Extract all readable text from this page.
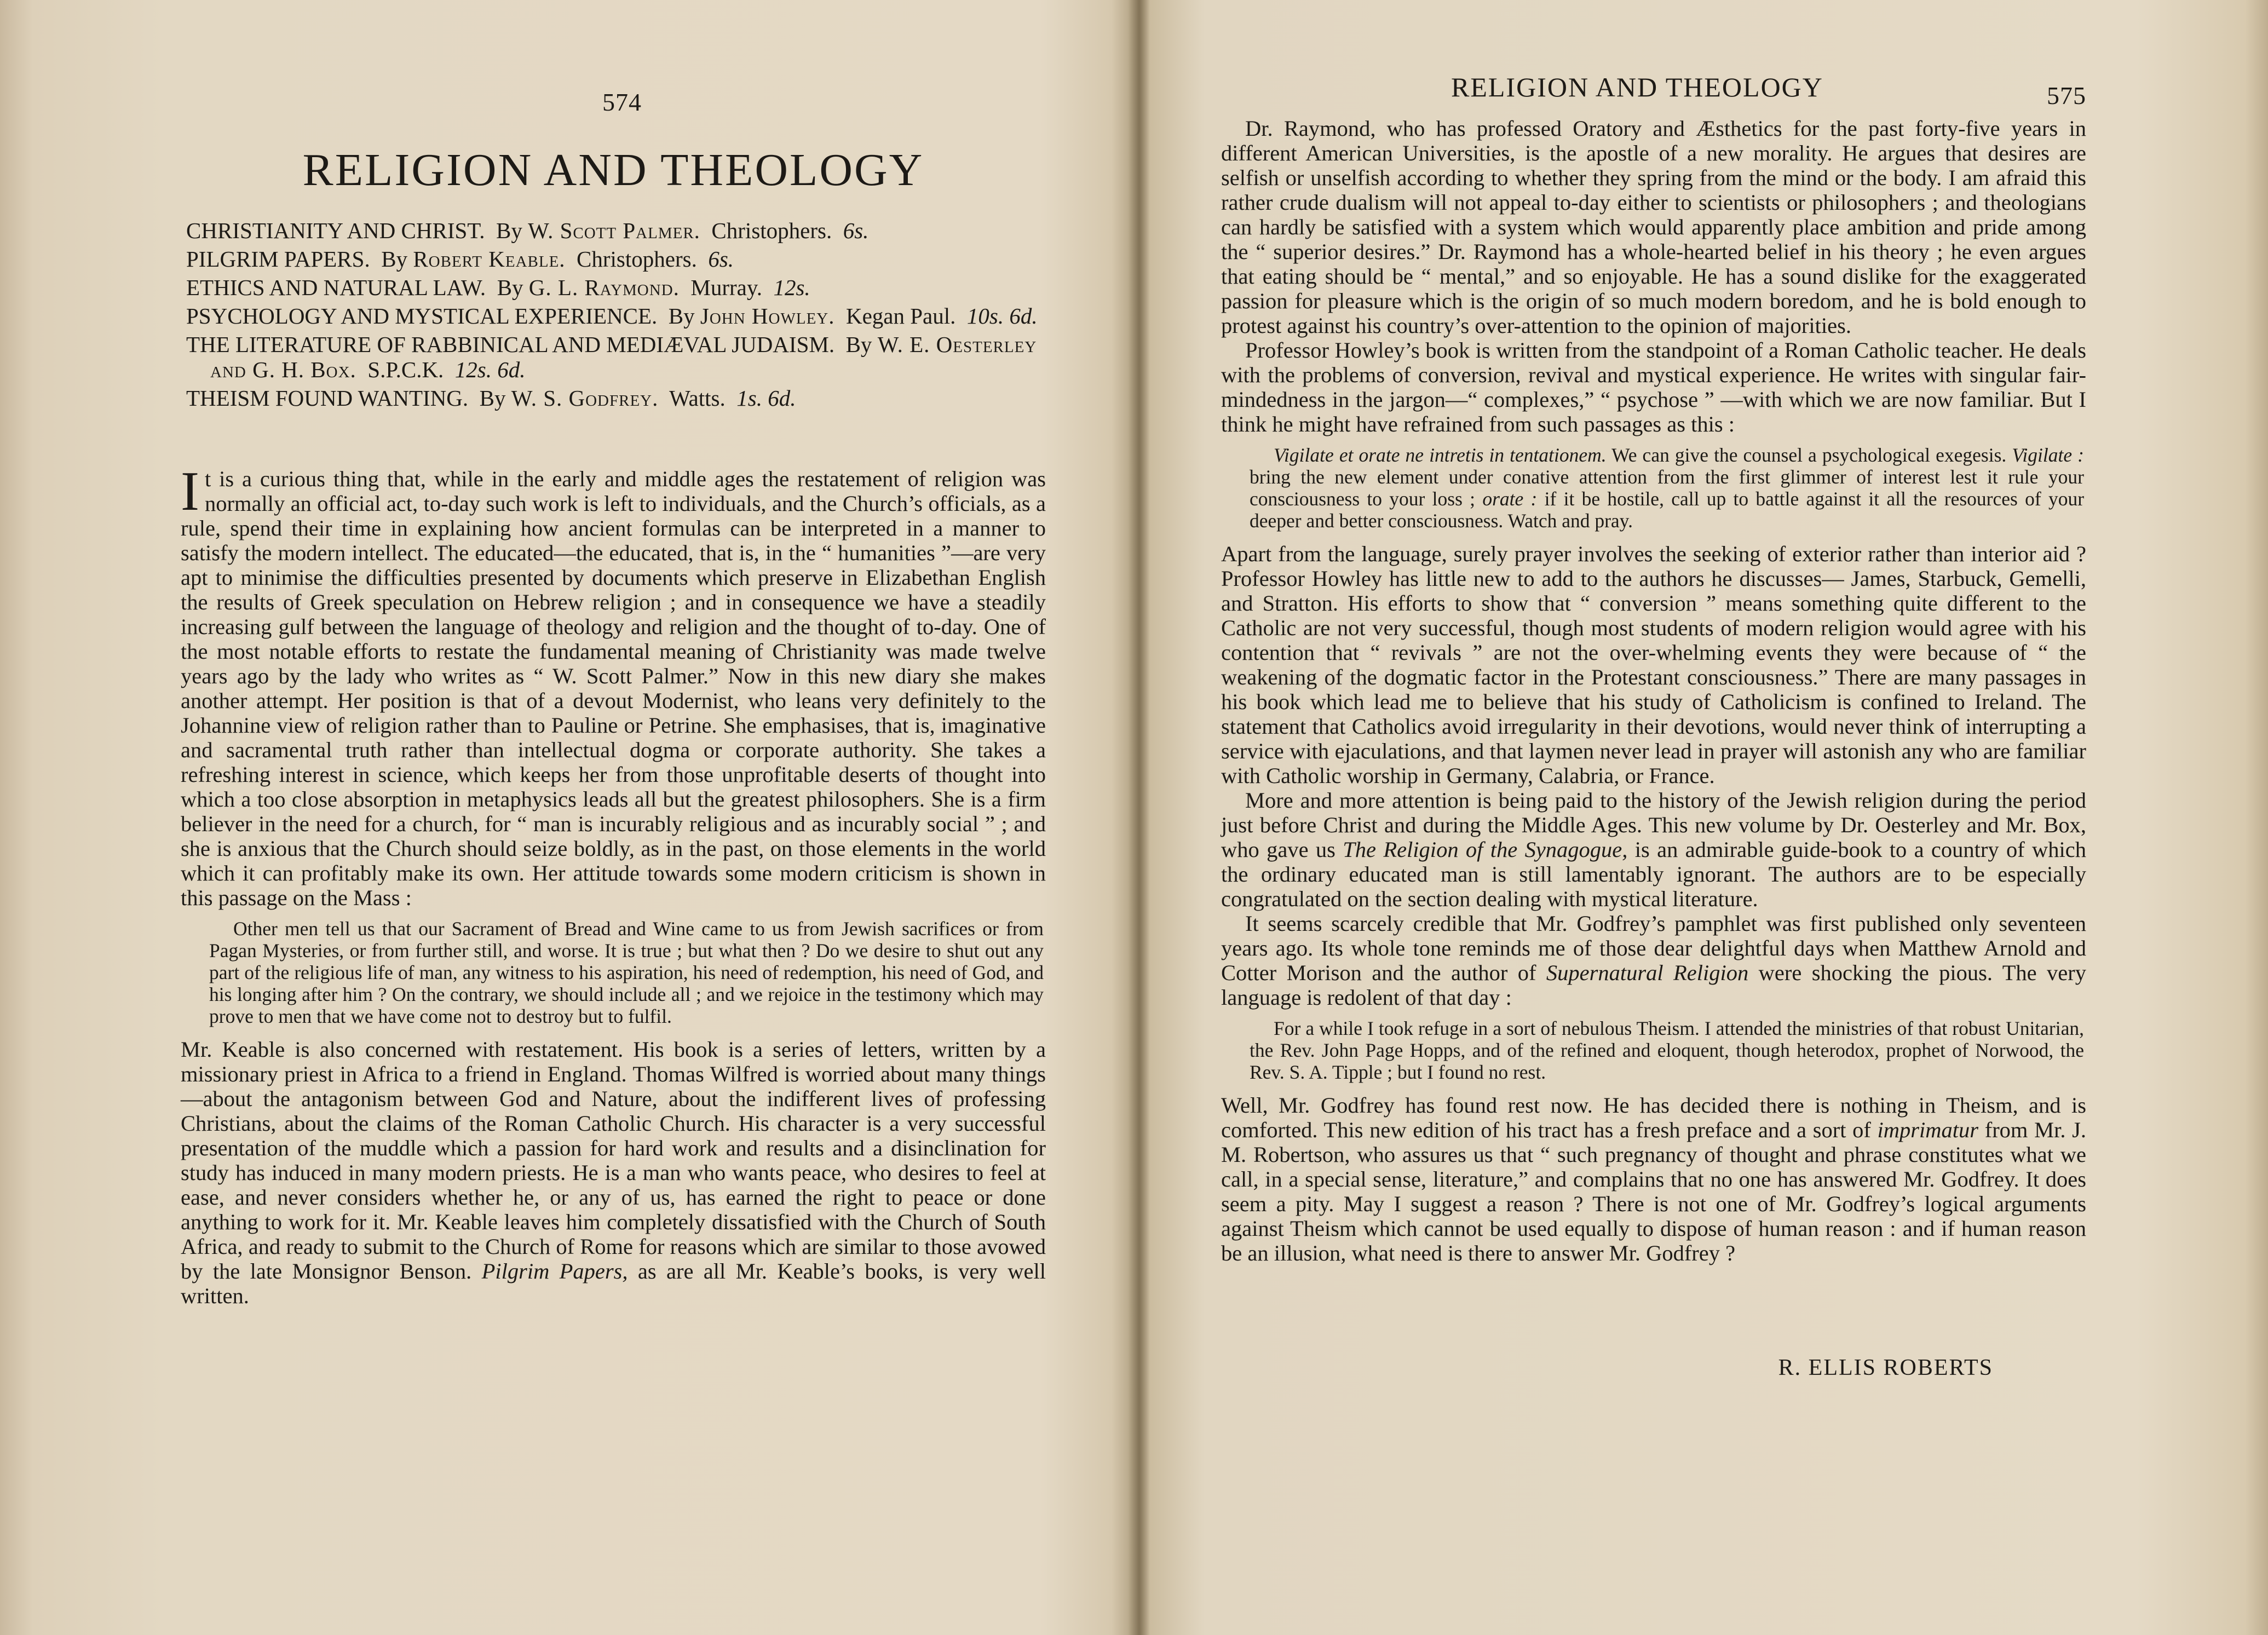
574
RELIGION AND THEOLOGY

CHRISTIANITY AND CHRIST. By W. Scott Palmer. Christophers. 6s.

PILGRIM PAPERS. By Robert Keable. Christophers. 6s.

ETHICS AND NATURAL LAW. By G. L. Raymond. Murray. 12s.

PSYCHOLOGY AND MYSTICAL EXPERIENCE. By John Howley. Kegan Paul. 10s. 6d.

THE LITERATURE OF RABBINICAL AND MEDIÆVAL JUDAISM. By W. E. Oesterley and G. H. Box. S.P.C.K. 12s. 6d.

THEISM FOUND WANTING. By W. S. Godfrey. Watts. 1s. 6d.

It is a curious thing that, while in the early and middle ages the restatement of religion was normally an official act, to-day such work is left to individuals, and the Church’s officials, as a rule, spend their time in explaining how ancient formulas can be interpreted in a manner to satisfy the modern intellect. The educated—the educated, that is, in the “ humanities ”—are very apt to minimise the difficulties presented by documents which preserve in Elizabethan English the results of Greek speculation on Hebrew religion ; and in consequence we have a steadily increasing gulf between the language of theology and religion and the thought of to-day. One of the most notable efforts to restate the fundamental meaning of Christianity was made twelve years ago by the lady who writes as “ W. Scott Palmer.” Now in this new diary she makes another attempt. Her position is that of a devout Modernist, who leans very definitely to the Johannine view of religion rather than to Pauline or Petrine. She emphasises, that is, imaginative and sacramental truth rather than intellectual dogma or corporate authority. She takes a refreshing interest in science, which keeps her from those unprofitable deserts of thought into which a too close absorption in metaphysics leads all but the greatest philosophers. She is a firm believer in the need for a church, for “ man is incurably religious and as incurably social ” ; and she is anxious that the Church should seize boldly, as in the past, on those elements in the world which it can profitably make its own. Her attitude towards some modern criticism is shown in this passage on the Mass :

Other men tell us that our Sacrament of Bread and Wine came to us from Jewish sacrifices or from Pagan Mysteries, or from further still, and worse. It is true ; but what then ? Do we desire to shut out any part of the religious life of man, any witness to his aspiration, his need of redemption, his need of God, and his longing after him ? On the contrary, we should include all ; and we rejoice in the testimony which may prove to men that we have come not to destroy but to fulfil.

Mr. Keable is also concerned with restatement. His book is a series of letters, written by a missionary priest in Africa to a friend in England. Thomas Wilfred is worried about many things—about the antagonism between God and Nature, about the indifferent lives of professing Christians, about the claims of the Roman Catholic Church. His character is a very successful presentation of the muddle which a passion for hard work and results and a disinclination for study has induced in many modern priests. He is a man who wants peace, who desires to feel at ease, and never considers whether he, or any of us, has earned the right to peace or done anything to work for it. Mr. Keable leaves him completely dissatisfied with the Church of South Africa, and ready to submit to the Church of Rome for reasons which are similar to those avowed by the late Monsignor Benson. Pilgrim Papers, as are all Mr. Keable’s books, is very well written.

RELIGION AND THEOLOGY	575

Dr. Raymond, who has professed Oratory and Æsthetics for the past forty-five years in different American Universities, is the apostle of a new morality. He argues that desires are selfish or unselfish according to whether they spring from the mind or the body. I am afraid this rather crude dualism will not appeal to-day either to scientists or philosophers ; and theologians can hardly be satisfied with a system which would apparently place ambition and pride among the “ superior desires.” Dr. Raymond has a whole-hearted belief in his theory ; he even argues that eating should be “ mental,” and so enjoyable. He has a sound dislike for the exaggerated passion for pleasure which is the origin of so much modern boredom, and he is bold enough to protest against his country’s over-attention to the opinion of majorities.

Professor Howley’s book is written from the standpoint of a Roman Catholic teacher. He deals with the problems of conversion, revival and mystical experience. He writes with singular fair-mindedness in the jargon—“ complexes,” “ psychose ” —with which we are now familiar. But I think he might have refrained from such passages as this :

Vigilate et orate ne intretis in tentationem. We can give the counsel a psychological exegesis. Vigilate : bring the new element under conative attention from the first glimmer of interest lest it rule your consciousness to your loss ; orate : if it be hostile, call up to battle against it all the resources of your deeper and better consciousness. Watch and pray.

Apart from the language, surely prayer involves the seeking of exterior rather than interior aid ? Professor Howley has little new to add to the authors he discusses— James, Starbuck, Gemelli, and Stratton. His efforts to show that “ conversion ” means something quite different to the Catholic are not very successful, though most students of modern religion would agree with his contention that “ revivals ” are not the over-whelming events they were because of “ the weakening of the dogmatic factor in the Protestant consciousness.” There are many passages in his book which lead me to believe that his study of Catholicism is confined to Ireland. The statement that Catholics avoid irregularity in their devotions, would never think of interrupting a service with ejaculations, and that laymen never lead in prayer will astonish any who are familiar with Catholic worship in Germany, Calabria, or France.

More and more attention is being paid to the history of the Jewish religion during the period just before Christ and during the Middle Ages. This new volume by Dr. Oesterley and Mr. Box, who gave us The Religion of the Synagogue, is an admirable guide-book to a country of which the ordinary educated man is still lamentably ignorant. The authors are to be especially congratulated on the section dealing with mystical literature.

It seems scarcely credible that Mr. Godfrey’s pamphlet was first published only seventeen years ago. Its whole tone reminds me of those dear delightful days when Matthew Arnold and Cotter Morison and the author of Supernatural Religion were shocking the pious. The very language is redolent of that day :

For a while I took refuge in a sort of nebulous Theism. I attended the ministries of that robust Unitarian, the Rev. John Page Hopps, and of the refined and eloquent, though heterodox, prophet of Norwood, the Rev. S. A. Tipple ; but I found no rest.

Well, Mr. Godfrey has found rest now. He has decided there is nothing in Theism, and is comforted. This new edition of his tract has a fresh preface and a sort of imprimatur from Mr. J. M. Robertson, who assures us that “ such pregnancy of thought and phrase constitutes what we call, in a special sense, literature,” and complains that no one has answered Mr. Godfrey. It does seem a pity. May I suggest a reason ? There is not one of Mr. Godfrey’s logical arguments against Theism which cannot be used equally to dispose of human reason : and if human reason be an illusion, what need is there to answer Mr. Godfrey ?

R. ELLIS ROBERTS
